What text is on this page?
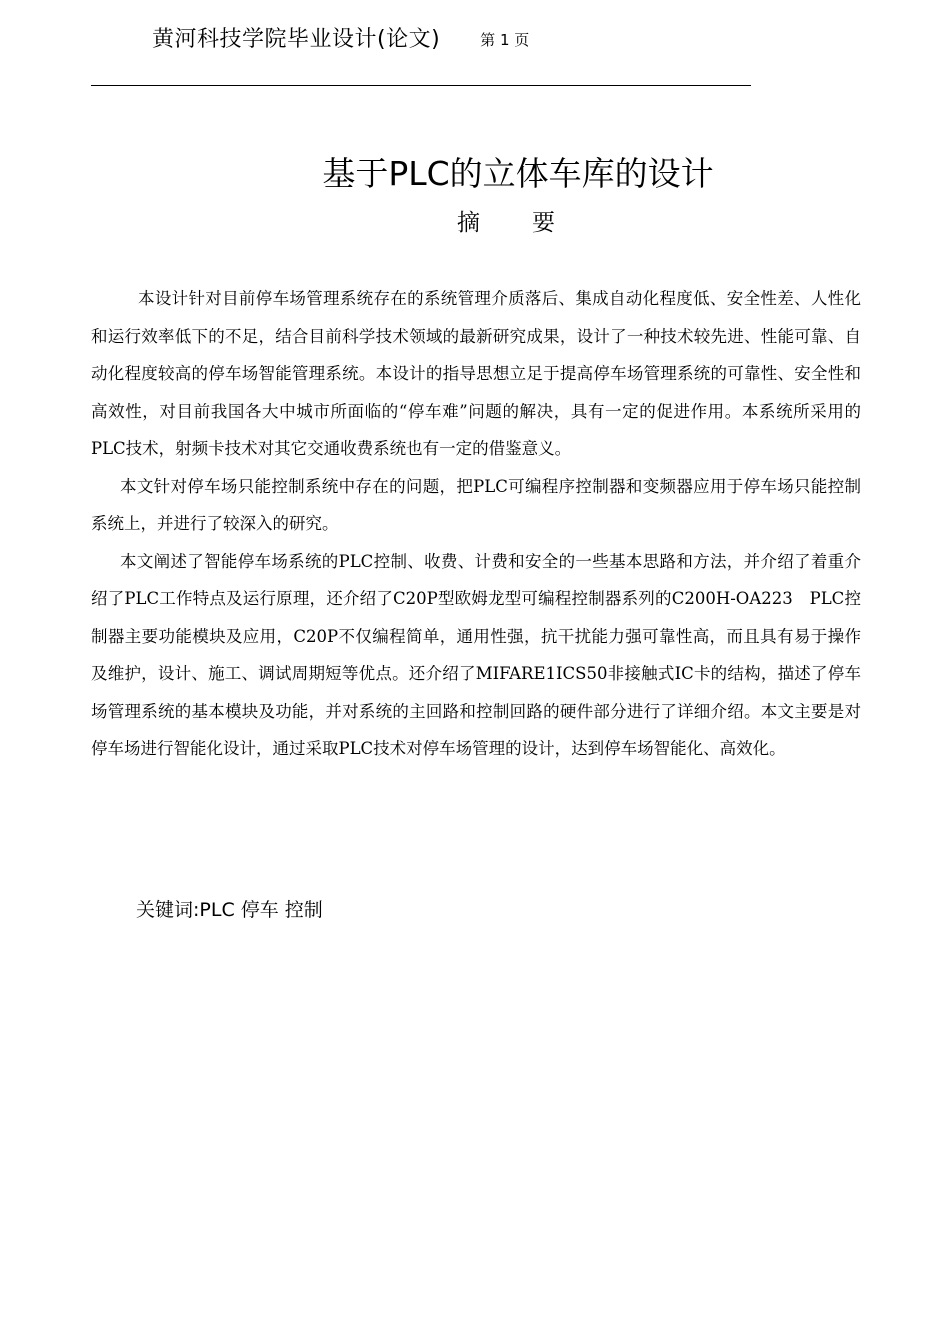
黄河科技学院毕业设计(论文)	第 1 页
基于PLC的立体车库的设计
摘要

本设计针对目前停车场管理系统存在的系统管理介质落后、集成自动化程度低、安全性差、人性化和运行效率低下的不足，结合目前科学技术领域的最新研究成果，设计了一种技术较先进、性能可靠、自动化程度较高的停车场智能管理系统。本设计的指导思想立足于提高停车场管理系统的可靠性、安全性和高效性，对目前我国各大中城市所面临的“停车难”问题的解决，具有一定的促进作用。本系统所采用的PLC技术，射频卡技术对其它交通收费系统也有一定的借鉴意义。

本文针对停车场只能控制系统中存在的问题，把PLC可编程序控制器和变频器应用于停车场只能控制系统上，并进行了较深入的研究。

本文阐述了智能停车场系统的PLC控制、收费、计费和安全的一些基本思路和方法，并介绍了着重介绍了PLC工作特点及运行原理，还介绍了C20P型欧姆龙型可编程控制器系列的C200H-OA223　PLC控制器主要功能模块及应用，C20P不仅编程简单，通用性强，抗干扰能力强可靠性高，而且具有易于操作及维护，设计、施工、调试周期短等优点。还介绍了MIFARE1ICS50非接触式IC卡的结构，描述了停车场管理系统的基本模块及功能，并对系统的主回路和控制回路的硬件部分进行了详细介绍。本文主要是对停车场进行智能化设计，通过采取PLC技术对停车场管理的设计，达到停车场智能化、高效化。

关键词:PLC 停车 控制
